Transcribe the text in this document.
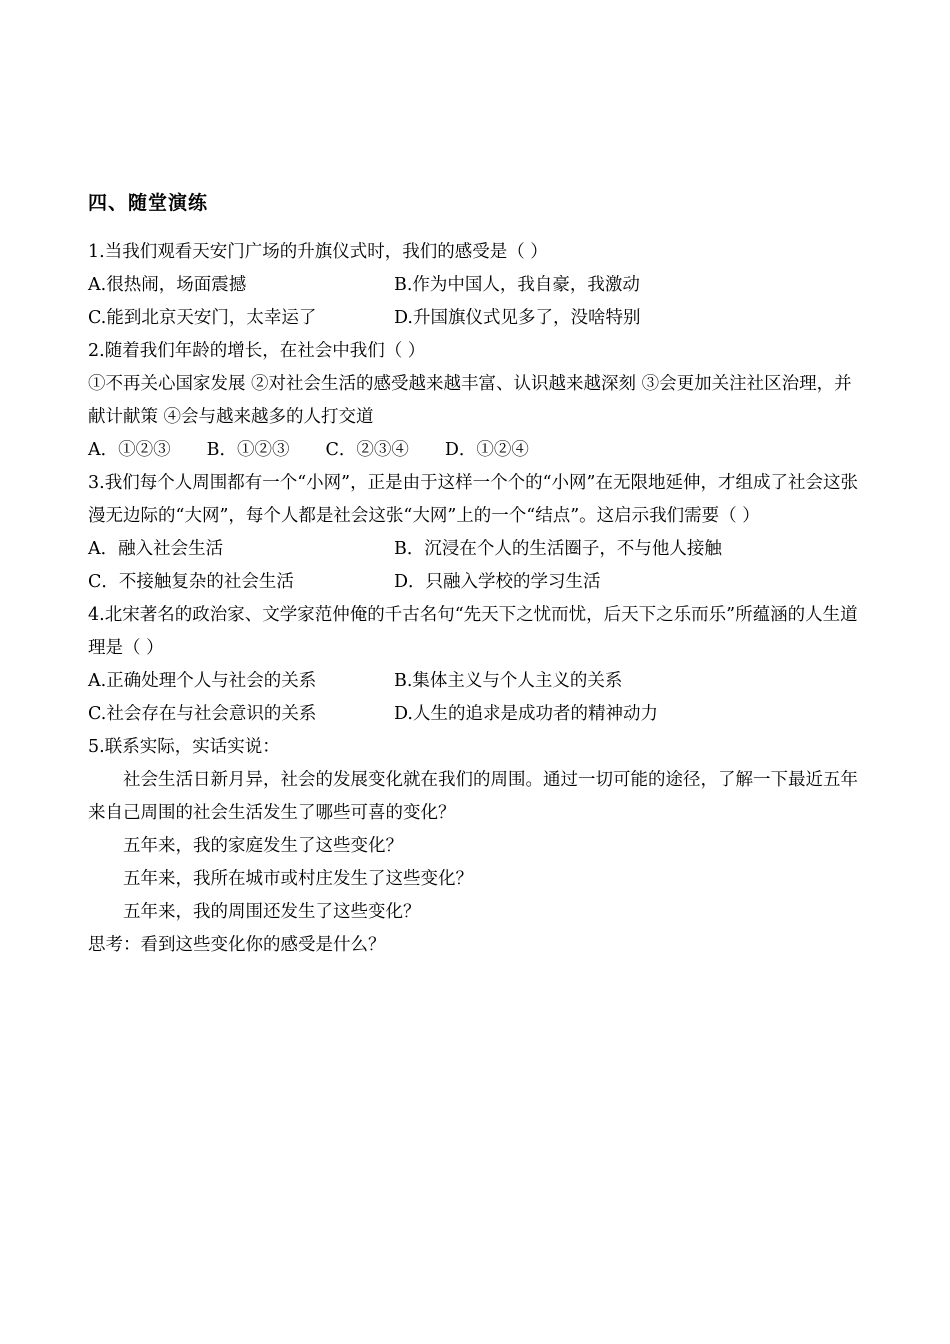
四、随堂演练
1.当我们观看天安门广场的升旗仪式时，我们的感受是（ ）
A.很热闹，场面震撼	B.作为中国人，我自豪，我激动
C.能到北京天安门，太幸运了	D.升国旗仪式见多了，没啥特别
2.随着我们年龄的增长，在社会中我们（ ）
①不再关心国家发展 ②对社会生活的感受越来越丰富、认识越来越深刻 ③会更加关注社区治理，并献计献策 ④会与越来越多的人打交道
A．①②③ B．①②③ C．②③④ D．①②④
3.我们每个人周围都有一个“小网”，正是由于这样一个个的“小网”在无限地延伸，才组成了社会这张漫无边际的“大网”，每个人都是社会这张“大网”上的一个“结点”。这启示我们需要（ ）
A．融入社会生活	B．沉浸在个人的生活圈子，不与他人接触
C．不接触复杂的社会生活	D．只融入学校的学习生活
4.北宋著名的政治家、文学家范仲俺的千古名句“先天下之忧而忧，后天下之乐而乐”所蕴涵的人生道理是（ ）
A.正确处理个人与社会的关系	B.集体主义与个人主义的关系
C.社会存在与社会意识的关系	D.人生的追求是成功者的精神动力
5.联系实际，实话实说：
社会生活日新月异，社会的发展变化就在我们的周围。通过一切可能的途径，了解一下最近五年来自己周围的社会生活发生了哪些可喜的变化？
五年来，我的家庭发生了这些变化？
五年来，我所在城市或村庄发生了这些变化？
五年来，我的周围还发生了这些变化？
思考：看到这些变化你的感受是什么？
